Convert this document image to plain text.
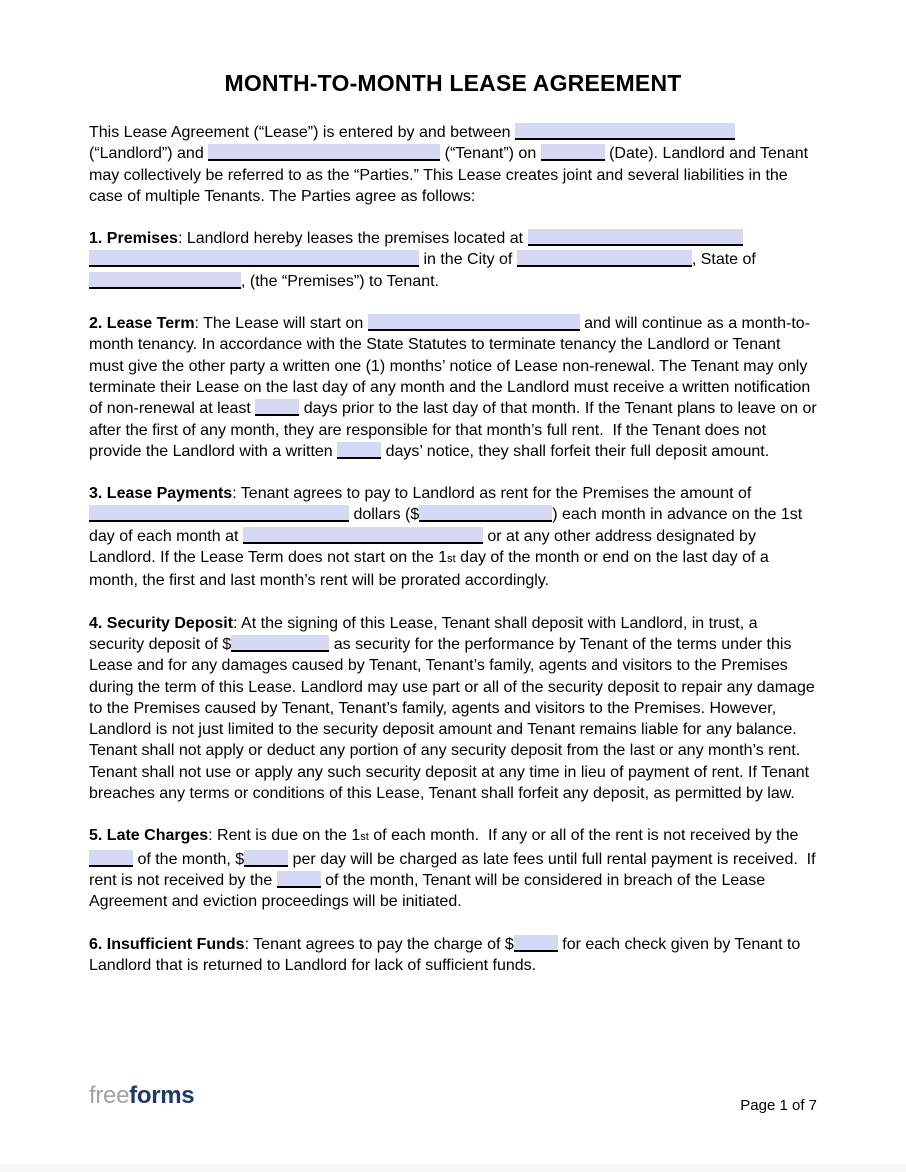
MONTH-TO-MONTH LEASE AGREEMENT

This Lease Agreement (“Lease”) is entered by and between	(“Landlord”) and	(“Tenant”) on	(Date). Landlord and Tenant may collectively be referred to as the “Parties.” This Lease creates joint and several liabilities in the case of multiple Tenants. The Parties agree as follows:

1. Premises: Landlord hereby leases the premises located at   in the City of	, State of , (the “Premises”) to Tenant.

2. Lease Term: The Lease will start on	and will continue as a month-to-month tenancy. In accordance with the State Statutes to terminate tenancy the Landlord or Tenant must give the other party a written one (1) months’ notice of Lease non-renewal. The Tenant may only terminate their Lease on the last day of any month and the Landlord must receive a written notification of non-renewal at least	days prior to the last day of that month. If the Tenant plans to leave on or after the first of any month, they are responsible for that month’s full rent.  If the Tenant does not provide the Landlord with a written	days’ notice, they shall forfeit their full deposit amount.

3. Lease Payments: Tenant agrees to pay to Landlord as rent for the Premises the amount of  dollars ($	) each month in advance on the 1st day of each month at	or at any other address designated by Landlord. If the Lease Term does not start on the 1st day of the month or end on the last day of a month, the first and last month’s rent will be prorated accordingly.

4. Security Deposit: At the signing of this Lease, Tenant shall deposit with Landlord, in trust, a security deposit of $	as security for the performance by Tenant of the terms under this Lease and for any damages caused by Tenant, Tenant’s family, agents and visitors to the Premises during the term of this Lease. Landlord may use part or all of the security deposit to repair any damage to the Premises caused by Tenant, Tenant’s family, agents and visitors to the Premises. However, Landlord is not just limited to the security deposit amount and Tenant remains liable for any balance.  Tenant shall not apply or deduct any portion of any security deposit from the last or any month’s rent. Tenant shall not use or apply any such security deposit at any time in lieu of payment of rent. If Tenant breaches any terms or conditions of this Lease, Tenant shall forfeit any deposit, as permitted by law.

5. Late Charges: Rent is due on the 1st of each month.  If any or all of the rent is not received by the  of the month, $	per day will be charged as late fees until full rental payment is received.  If rent is not received by the	of the month, Tenant will be considered in breach of the Lease Agreement and eviction proceedings will be initiated.

6. Insufficient Funds: Tenant agrees to pay the charge of $	for each check given by Tenant to Landlord that is returned to Landlord for lack of sufficient funds.

freeforms	Page 1 of 7
